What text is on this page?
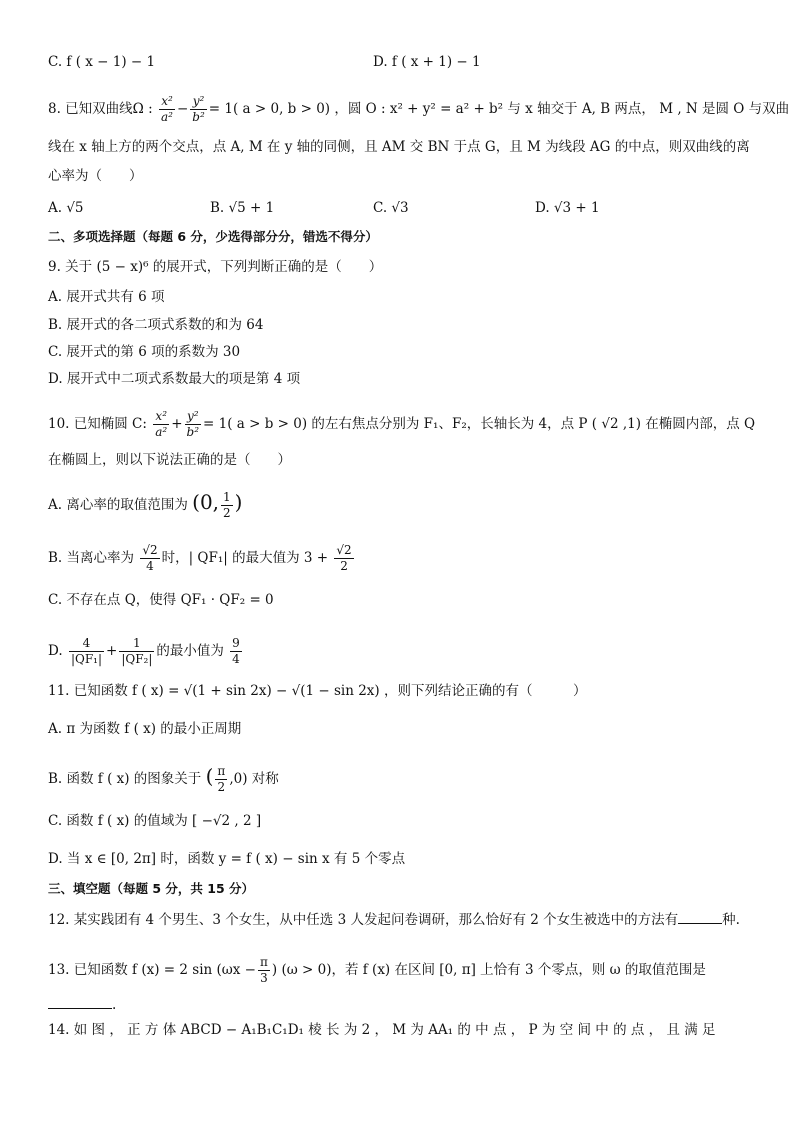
C. f ( x − 1) − 1	D. f ( x + 1) − 1
8. 已知双曲线Ω : $\frac{\text{x²}}{\text{a²}} - \frac{\text{y²}}{\text{b²}} = 1$( a > 0, b > 0) ，圆 O : x² + y² = a² + b² 与 x 轴交于 A, B 两点， M , N 是圆 O 与双曲
线在 x 轴上方的两个交点，点 A, M 在 y 轴的同侧，且 AM 交 BN 于点 G，且 M 为线段 AG 的中点，则双曲线的离
心率为（　　）
A. √5	B. √5 + 1	C. √3	D. √3 + 1
二、多项选择题（每题 6 分，少选得部分分，错选不得分）
9. 关于 (5 − x)⁶ 的展开式，下列判断正确的是（　　）
A. 展开式共有 6 项
B. 展开式的各二项式系数的和为 64
C. 展开式的第 6 项的系数为 30
D. 展开式中二项式系数最大的项是第 4 项
10. 已知椭圆 C: $\frac{\text{x²}}{\text{a²}} + \frac{\text{y²}}{\text{b²}} = 1$( a > b > 0) 的左右焦点分别为 F₁、F₂，长轴长为 4，点 P ( √2 ,1) 在椭圆内部，点 Q
在椭圆上，则以下说法正确的是（　　）
A. 离心率的取值范围为 (0, $\frac{1}{2}$ )
B. 当离心率为 $\frac{√2}{4}$ 时，| QF₁| 的最大值为 $3 + \frac{√2}{2}$
C. 不存在点 Q，使得 QF₁ · QF₂ = 0
D. $\frac{4}{\text{|QF₁|}} + \frac{1}{\text{|QF₂|}}$ 的最小值为 $\frac{9}{4}$
11. 已知函数 f ( x) = √(1 + sin 2x) − √(1 − sin 2x) ，则下列结论正确的有（　　　）
A. π 为函数 f ( x) 的最小正周期
B. 函数 f ( x) 的图象关于 ( $\frac{\pi}{2} ,0$) 对称
C. 函数 f ( x) 的值域为 [ −√2 , 2 ]
D. 当 x ∈ [0, 2π] 时，函数 y = f ( x) − sin x 有 5 个零点
三、填空题（每题 5 分，共 15 分）
12. 某实践团有 4 个男生、3 个女生，从中任选 3 人发起问卷调研，那么恰好有 2 个女生被选中的方法有	种.
13. 已知函数 f (x) = 2 $\sin (\omega x - \frac{\pi}{3}$ ) (ω > 0)，若 f (x) 在区间 [0, π] 上恰有 3 个零点，则 ω 的取值范围是
.
14. 如 图 ， 正 方 体 ABCD − A₁B₁C₁D₁ 棱 长 为 2 ， M 为 AA₁ 的 中 点 ， P 为 空 间 中 的 点 ， 且 满 足
